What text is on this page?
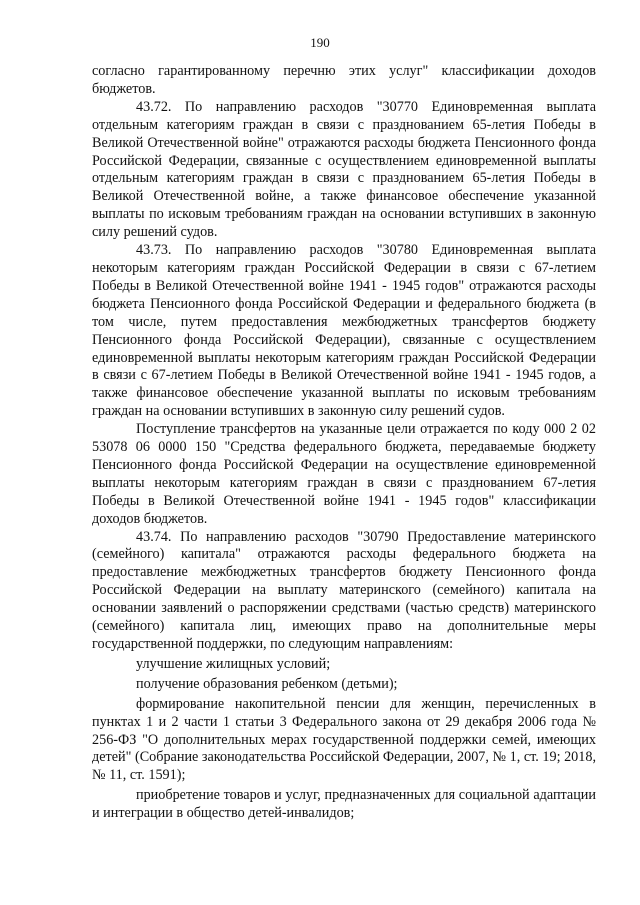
190

согласно гарантированному перечню этих услуг" классификации доходов бюджетов.

43.72. По направлению расходов "30770 Единовременная выплата отдельным категориям граждан в связи с празднованием 65-летия Победы в Великой Отечественной войне" отражаются расходы бюджета Пенсионного фонда Российской Федерации, связанные с осуществлением единовременной выплаты отдельным категориям граждан в связи с празднованием 65-летия Победы в Великой Отечественной войне, а также финансовое обеспечение указанной выплаты по исковым требованиям граждан на основании вступивших в законную силу решений судов.

43.73. По направлению расходов "30780 Единовременная выплата некоторым категориям граждан Российской Федерации в связи с 67-летием Победы в Великой Отечественной войне 1941 - 1945 годов" отражаются расходы бюджета Пенсионного фонда Российской Федерации и федерального бюджета (в том числе, путем предоставления межбюджетных трансфертов бюджету Пенсионного фонда Российской Федерации), связанные с осуществлением единовременной выплаты некоторым категориям граждан Российской Федерации в связи с 67-летием Победы в Великой Отечественной войне 1941 - 1945 годов, а также финансовое обеспечение указанной выплаты по исковым требованиям граждан на основании вступивших в законную силу решений судов.

Поступление трансфертов на указанные цели отражается по коду 000 2 02 53078 06 0000 150 "Средства федерального бюджета, передаваемые бюджету Пенсионного фонда Российской Федерации на осуществление единовременной выплаты некоторым категориям граждан в связи с празднованием 67-летия Победы в Великой Отечественной войне 1941 - 1945 годов" классификации доходов бюджетов.

43.74. По направлению расходов "30790 Предоставление материнского (семейного) капитала" отражаются расходы федерального бюджета на предоставление межбюджетных трансфертов бюджету Пенсионного фонда Российской Федерации на выплату материнского (семейного) капитала на основании заявлений о распоряжении средствами (частью средств) материнского (семейного) капитала лиц, имеющих право на дополнительные меры государственной поддержки, по следующим направлениям:

улучшение жилищных условий;

получение образования ребенком (детьми);

формирование накопительной пенсии для женщин, перечисленных в пунктах 1 и 2 части 1 статьи 3 Федерального закона от 29 декабря 2006 года № 256-ФЗ "О дополнительных мерах государственной поддержки семей, имеющих детей" (Собрание законодательства Российской Федерации, 2007, № 1, ст. 19; 2018, № 11, ст. 1591);

приобретение товаров и услуг, предназначенных для социальной адаптации и интеграции в общество детей-инвалидов;
